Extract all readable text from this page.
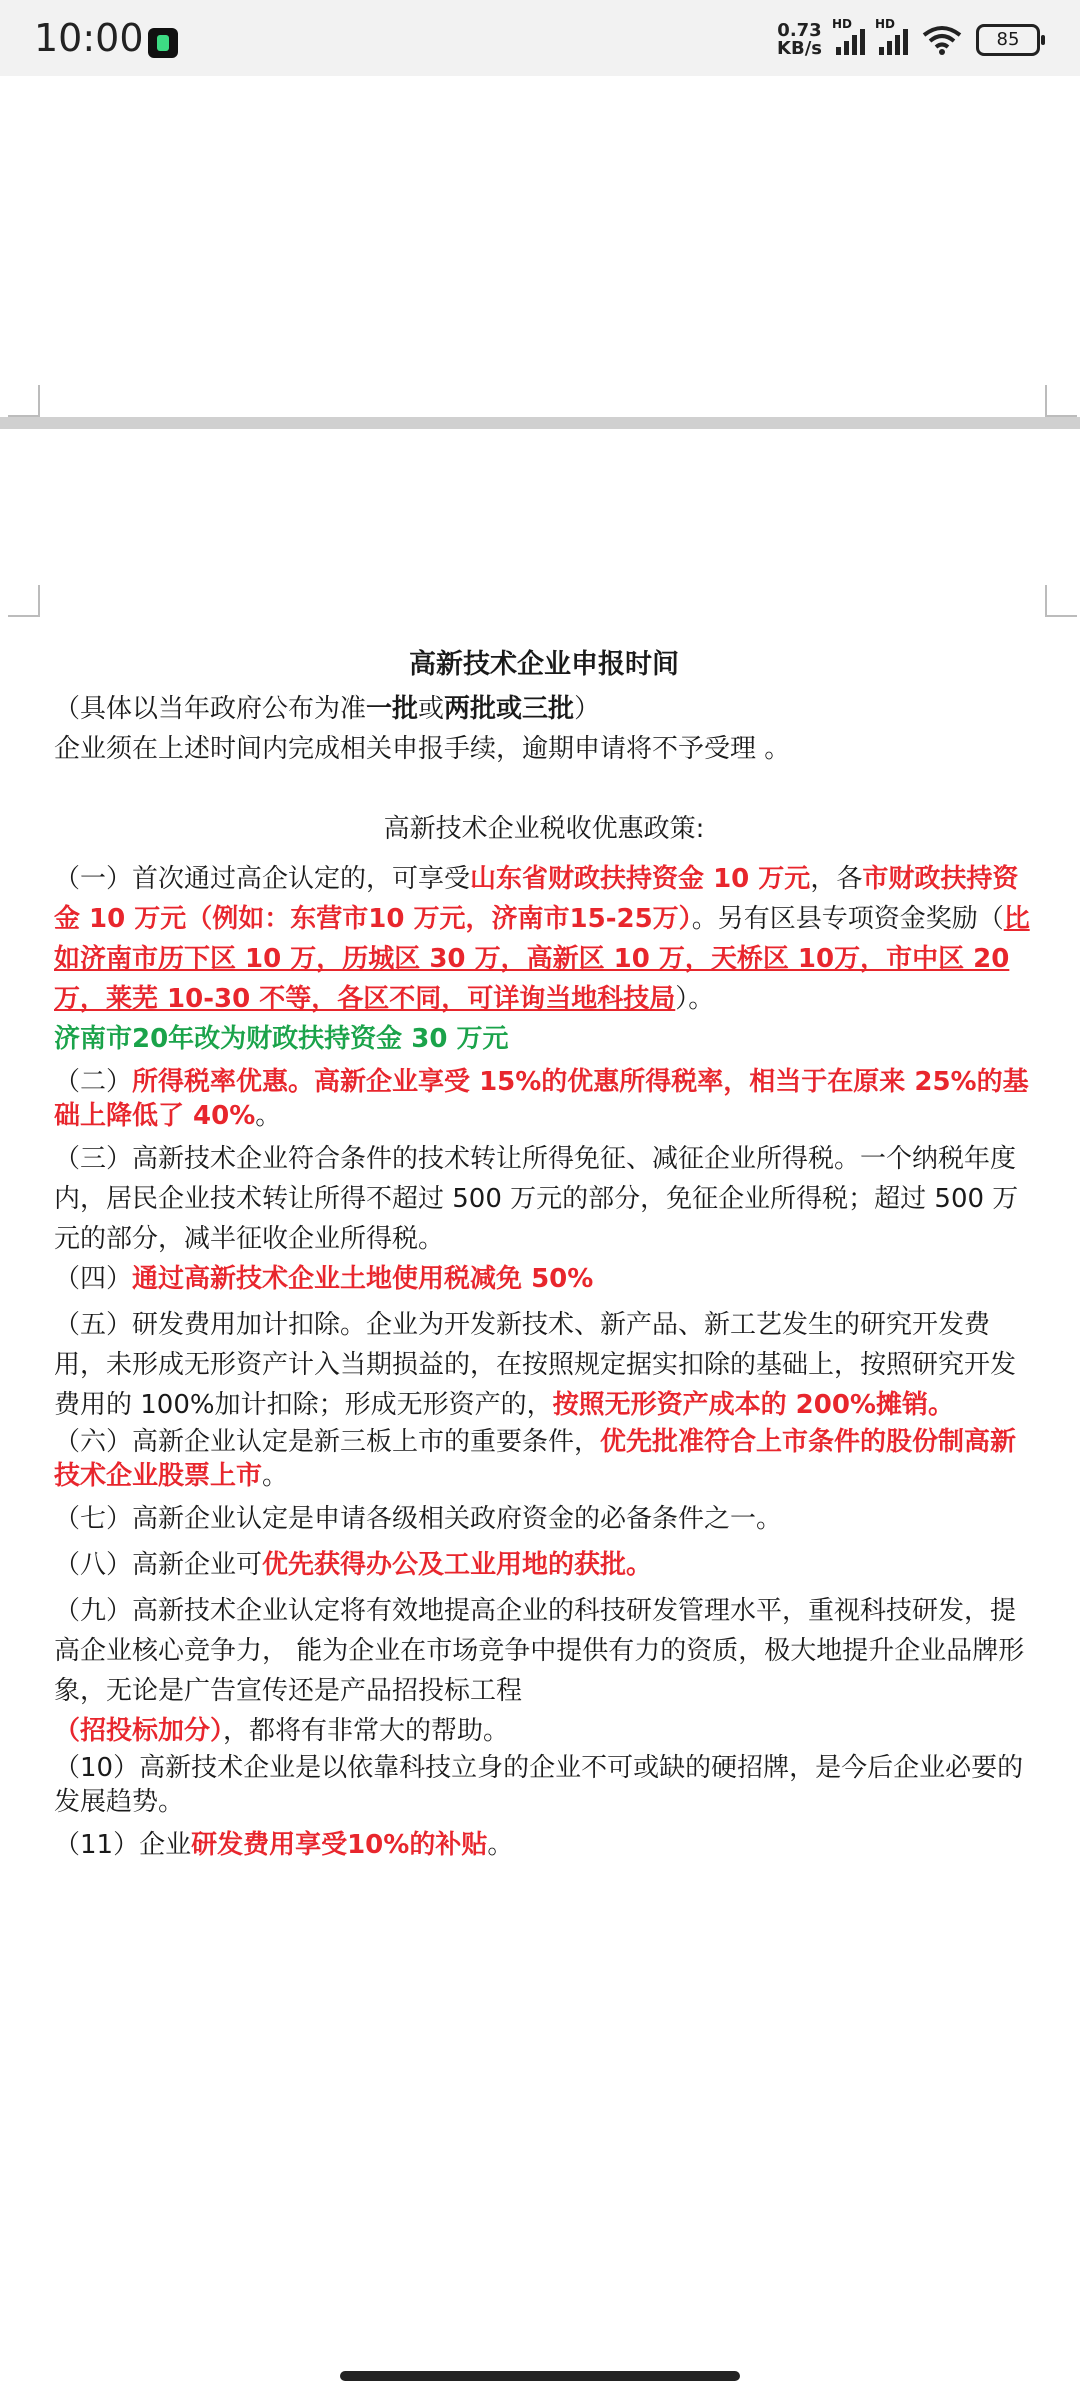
10:00	0.73
KB/s
HD HD
85
高新技术企业申报时间

（具体以当年政府公布为准一批或两批或三批）

企业须在上述时间内完成相关申报手续，逾期申请将不予受理 。

高新技术企业税收优惠政策:

（一）首次通过高企认定的，可享受山东省财政扶持资金 10 万元，各市财政扶持资金 10 万元（例如：东营市10 万元，济南市15-25万）。另有区县专项资金奖励（比如济南市历下区 10 万，历城区 30 万，高新区 10 万，天桥区 10万，市中区 20 万，莱芜 10-30 不等，各区不同，可详询当地科技局）。

济南市20年改为财政扶持资金 30 万元

（二）所得税率优惠。高新企业享受 15%的优惠所得税率，相当于在原来 25%的基础上降低了 40%。

（三）高新技术企业符合条件的技术转让所得免征、减征企业所得税。一个纳税年度内，居民企业技术转让所得不超过 500 万元的部分，免征企业所得税；超过 500 万元的部分，减半征收企业所得税。

（四）通过高新技术企业土地使用税减免 50%

（五）研发费用加计扣除。企业为开发新技术、新产品、新工艺发生的研究开发费用，未形成无形资产计入当期损益的，在按照规定据实扣除的基础上，按照研究开发费用的 100%加计扣除；形成无形资产的，按照无形资产成本的 200%摊销。

（六）高新企业认定是新三板上市的重要条件，优先批准符合上市条件的股份制高新技术企业股票上市。

（七）高新企业认定是申请各级相关政府资金的必备条件之一。

（八）高新企业可优先获得办公及工业用地的获批。

（九）高新技术企业认定将有效地提高企业的科技研发管理水平，重视科技研发，提高企业核心竞争力， 能为企业在市场竞争中提供有力的资质，极大地提升企业品牌形象，无论是广告宣传还是产品招投标工程
（招投标加分），都将有非常大的帮助。

（10）高新技术企业是以依靠科技立身的企业不可或缺的硬招牌，是今后企业必要的发展趋势。

（11）企业研发费用享受10%的补贴。
